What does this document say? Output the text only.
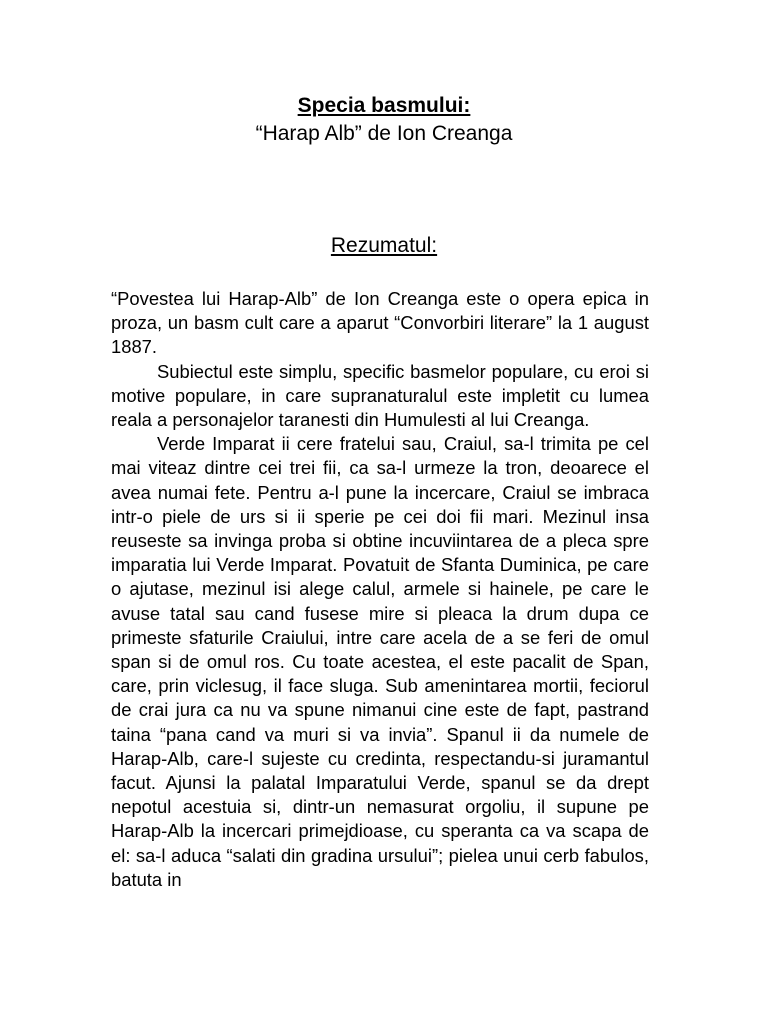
Specia basmului:
“Harap Alb” de Ion Creanga
Rezumatul:

“Povestea lui Harap-Alb” de Ion Creanga este o opera epica in proza, un basm cult care a aparut “Convorbiri literare” la 1 august 1887.

Subiectul este simplu, specific basmelor populare, cu eroi si motive populare, in care supranaturalul este impletit cu lumea reala a personajelor taranesti din Humulesti al lui Creanga.

Verde Imparat ii cere fratelui sau, Craiul, sa-l trimita pe cel mai viteaz dintre cei trei fii, ca sa-l urmeze la tron, deoarece el avea numai fete. Pentru a-l pune la incercare, Craiul se imbraca intr-o piele de urs si ii sperie pe cei doi fii mari. Mezinul insa reuseste sa invinga proba si obtine incuviintarea de a pleca spre imparatia lui Verde Imparat. Povatuit de Sfanta Duminica, pe care o ajutase, mezinul isi alege calul, armele si hainele, pe care le avuse tatal sau cand fusese mire si pleaca la drum dupa ce primeste sfaturile Craiului, intre care acela de a se feri de omul span si de omul ros. Cu toate acestea, el este pacalit de Span, care, prin viclesug, il face sluga. Sub amenintarea mortii, feciorul de crai jura ca nu va spune nimanui cine este de fapt, pastrand taina “pana cand va muri si va invia”. Spanul ii da numele de Harap-Alb, care-l sujeste cu credinta, respectandu-si juramantul facut. Ajunsi la palatal Imparatului Verde, spanul se da drept nepotul acestuia si, dintr-un nemasurat orgoliu, il supune pe Harap-Alb la incercari primejdioase, cu speranta ca va scapa de el: sa-l aduca “salati din gradina ursului”; pielea unui cerb fabulos, batuta in
